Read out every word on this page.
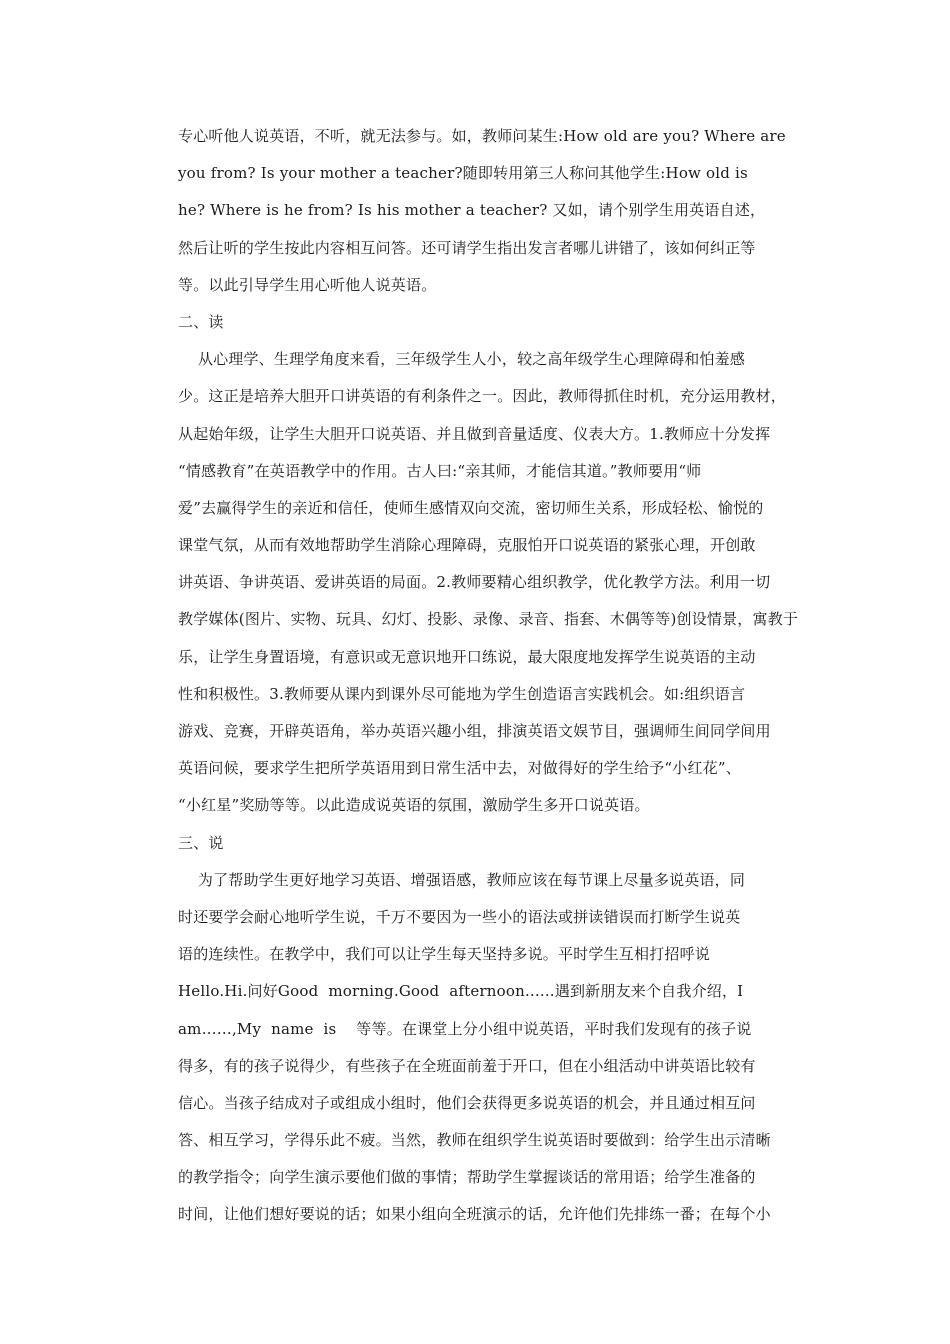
专心听他人说英语，不听，就无法参与。如，教师问某生:How old are you? Where are
you from? Is your mother a teacher?随即转用第三人称问其他学生:How old is
he? Where is he from? Is his mother a teacher? 又如，请个别学生用英语自述，
然后让听的学生按此内容相互问答。还可请学生指出发言者哪儿讲错了，该如何纠正等
等。以此引导学生用心听他人说英语。
二、读
从心理学、生理学角度来看，三年级学生人小，较之高年级学生心理障碍和怕羞感
少。这正是培养大胆开口讲英语的有利条件之一。因此，教师得抓住时机，充分运用教材，
从起始年级，让学生大胆开口说英语、并且做到音量适度、仪表大方。1.教师应十分发挥
“情感教育”在英语教学中的作用。古人曰:“亲其师，才能信其道。”教师要用“师
爱”去赢得学生的亲近和信任，使师生感情双向交流，密切师生关系，形成轻松、愉悦的
课堂气氛，从而有效地帮助学生消除心理障碍，克服怕开口说英语的紧张心理，开创敢
讲英语、争讲英语、爱讲英语的局面。2.教师要精心组织教学，优化教学方法。利用一切
教学媒体(图片、实物、玩具、幻灯、投影、录像、录音、指套、木偶等等)创设情景，寓教于
乐，让学生身置语境，有意识或无意识地开口练说，最大限度地发挥学生说英语的主动
性和积极性。3.教师要从课内到课外尽可能地为学生创造语言实践机会。如:组织语言
游戏、竞赛，开辟英语角，举办英语兴趣小组，排演英语文娱节目，强调师生间同学间用
英语问候，要求学生把所学英语用到日常生活中去，对做得好的学生给予“小红花”、
“小红星”奖励等等。以此造成说英语的氛围，激励学生多开口说英语。
三、说
为了帮助学生更好地学习英语、增强语感，教师应该在每节课上尽量多说英语，同
时还要学会耐心地听学生说，千万不要因为一些小的语法或拼读错误而打断学生说英
语的连续性。在教学中，我们可以让学生每天坚持多说。平时学生互相打招呼说
Hello.Hi.问好Good  morning.Good  afternoon......遇到新朋友来个自我介绍，I
am……,My  name  is    等等。在课堂上分小组中说英语，平时我们发现有的孩子说
得多，有的孩子说得少，有些孩子在全班面前羞于开口，但在小组活动中讲英语比较有
信心。当孩子结成对子或组成小组时，他们会获得更多说英语的机会，并且通过相互问
答、相互学习，学得乐此不疲。当然，教师在组织学生说英语时要做到：给学生出示清晰
的教学指令；向学生演示要他们做的事情；帮助学生掌握谈话的常用语；给学生准备的
时间，让他们想好要说的话；如果小组向全班演示的话，允许他们先排练一番；在每个小
